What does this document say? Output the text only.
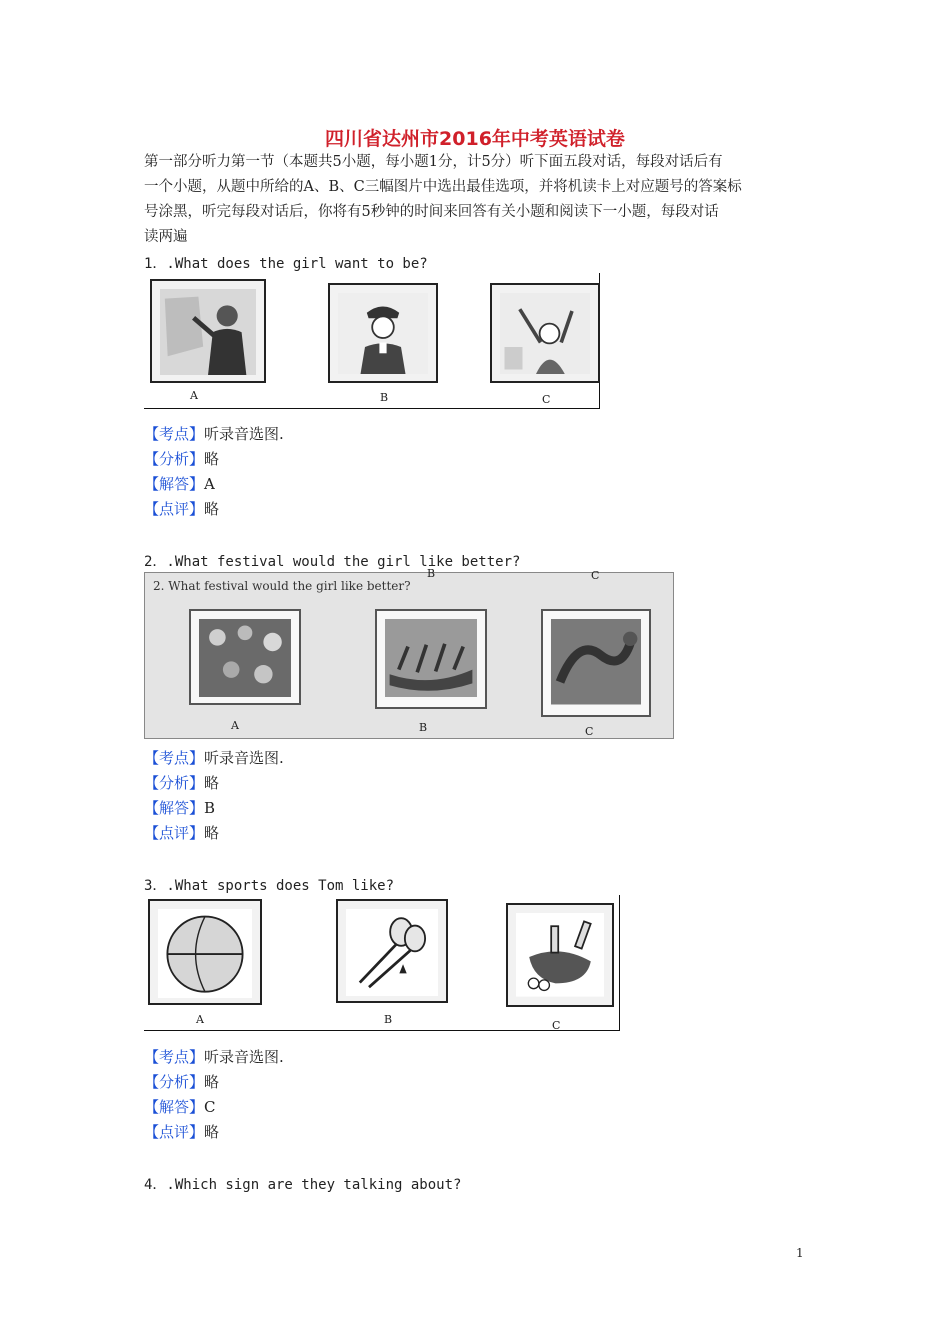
四川省达州市2016年中考英语试卷

第一部分听力第一节（本题共5小题，每小题1分，计5分）听下面五段对话，每段对话后有

一个小题，从题中所给的A、B、C三幅图片中选出最佳选项，并将机读卡上对应题号的答案标

号涂黑，听完每段对话后，你将有5秒钟的时间来回答有关小题和阅读下一小题，每段对话

读两遍

1．.What does the girl want to be?
A	B	C
【考点】听录音选图.
【分析】略
【解答】A
【点评】略
2．.What festival would the girl like better?
2. What festival would the girl like better?
B	C
A	B	C
【考点】听录音选图.
【分析】略
【解答】B
【点评】略
3．.What sports does Tom like?
A	B	C
【考点】听录音选图.
【分析】略
【解答】C
【点评】略
4．.Which sign are they talking about?
1
